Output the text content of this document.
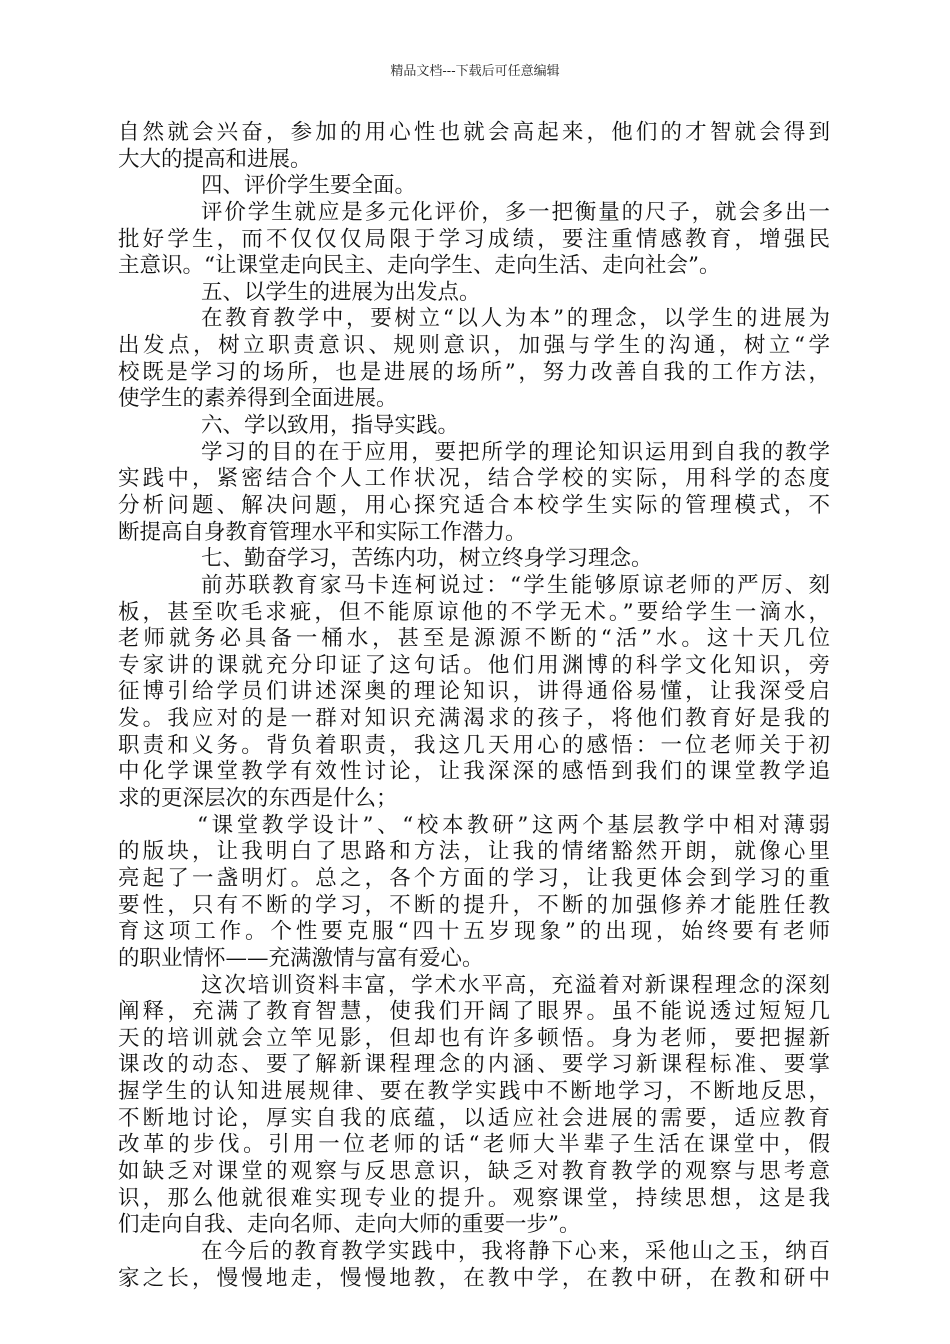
精品文档---下载后可任意编辑
自然就会兴奋，参加的用心性也就会高起来，他们的才智就会得到
大大的提高和进展。
四、评价学生要全面。
评价学生就应是多元化评价，多一把衡量的尺子，就会多出一
批好学生，而不仅仅仅局限于学习成绩，要注重情感教育，增强民
主意识。“让课堂走向民主、走向学生、走向生活、走向社会”。
五、以学生的进展为出发点。
在教育教学中，要树立“以人为本”的理念，以学生的进展为
出发点，树立职责意识、规则意识，加强与学生的沟通，树立“学
校既是学习的场所，也是进展的场所”，努力改善自我的工作方法，
使学生的素养得到全面进展。
六、学以致用，指导实践。
学习的目的在于应用，要把所学的理论知识运用到自我的教学
实践中，紧密结合个人工作状况，结合学校的实际，用科学的态度
分析问题、解决问题，用心探究适合本校学生实际的管理模式，不
断提高自身教育管理水平和实际工作潜力。
七、勤奋学习，苦练内功，树立终身学习理念。
前苏联教育家马卡连柯说过：“学生能够原谅老师的严厉、刻
板，甚至吹毛求疵，但不能原谅他的不学无术。”要给学生一滴水，
老师就务必具备一桶水，甚至是源源不断的“活”水。这十天几位
专家讲的课就充分印证了这句话。他们用渊博的科学文化知识，旁
征博引给学员们讲述深奥的理论知识，讲得通俗易懂，让我深受启
发。我应对的是一群对知识充满渴求的孩子，将他们教育好是我的
职责和义务。背负着职责，我这几天用心的感悟：一位老师关于初
中化学课堂教学有效性讨论，让我深深的感悟到我们的课堂教学追
求的更深层次的东西是什么；
“课堂教学设计”、“校本教研”这两个基层教学中相对薄弱
的版块，让我明白了思路和方法，让我的情绪豁然开朗，就像心里
亮起了一盏明灯。总之，各个方面的学习，让我更体会到学习的重
要性，只有不断的学习，不断的提升，不断的加强修养才能胜任教
育这项工作。个性要克服“四十五岁现象”的出现，始终要有老师
的职业情怀——充满激情与富有爱心。
这次培训资料丰富，学术水平高，充溢着对新课程理念的深刻
阐释，充满了教育智慧，使我们开阔了眼界。虽不能说透过短短几
天的培训就会立竿见影，但却也有许多顿悟。身为老师，要把握新
课改的动态、要了解新课程理念的内涵、要学习新课程标准、要掌
握学生的认知进展规律、要在教学实践中不断地学习，不断地反思，
不断地讨论，厚实自我的底蕴，以适应社会进展的需要，适应教育
改革的步伐。引用一位老师的话“老师大半辈子生活在课堂中，假
如缺乏对课堂的观察与反思意识，缺乏对教育教学的观察与思考意
识，那么他就很难实现专业的提升。观察课堂，持续思想，这是我
们走向自我、走向名师、走向大师的重要一步”。
在今后的教育教学实践中，我将静下心来，采他山之玉，纳百
家之长，慢慢地走，慢慢地教，在教中学，在教中研，在教和研中
